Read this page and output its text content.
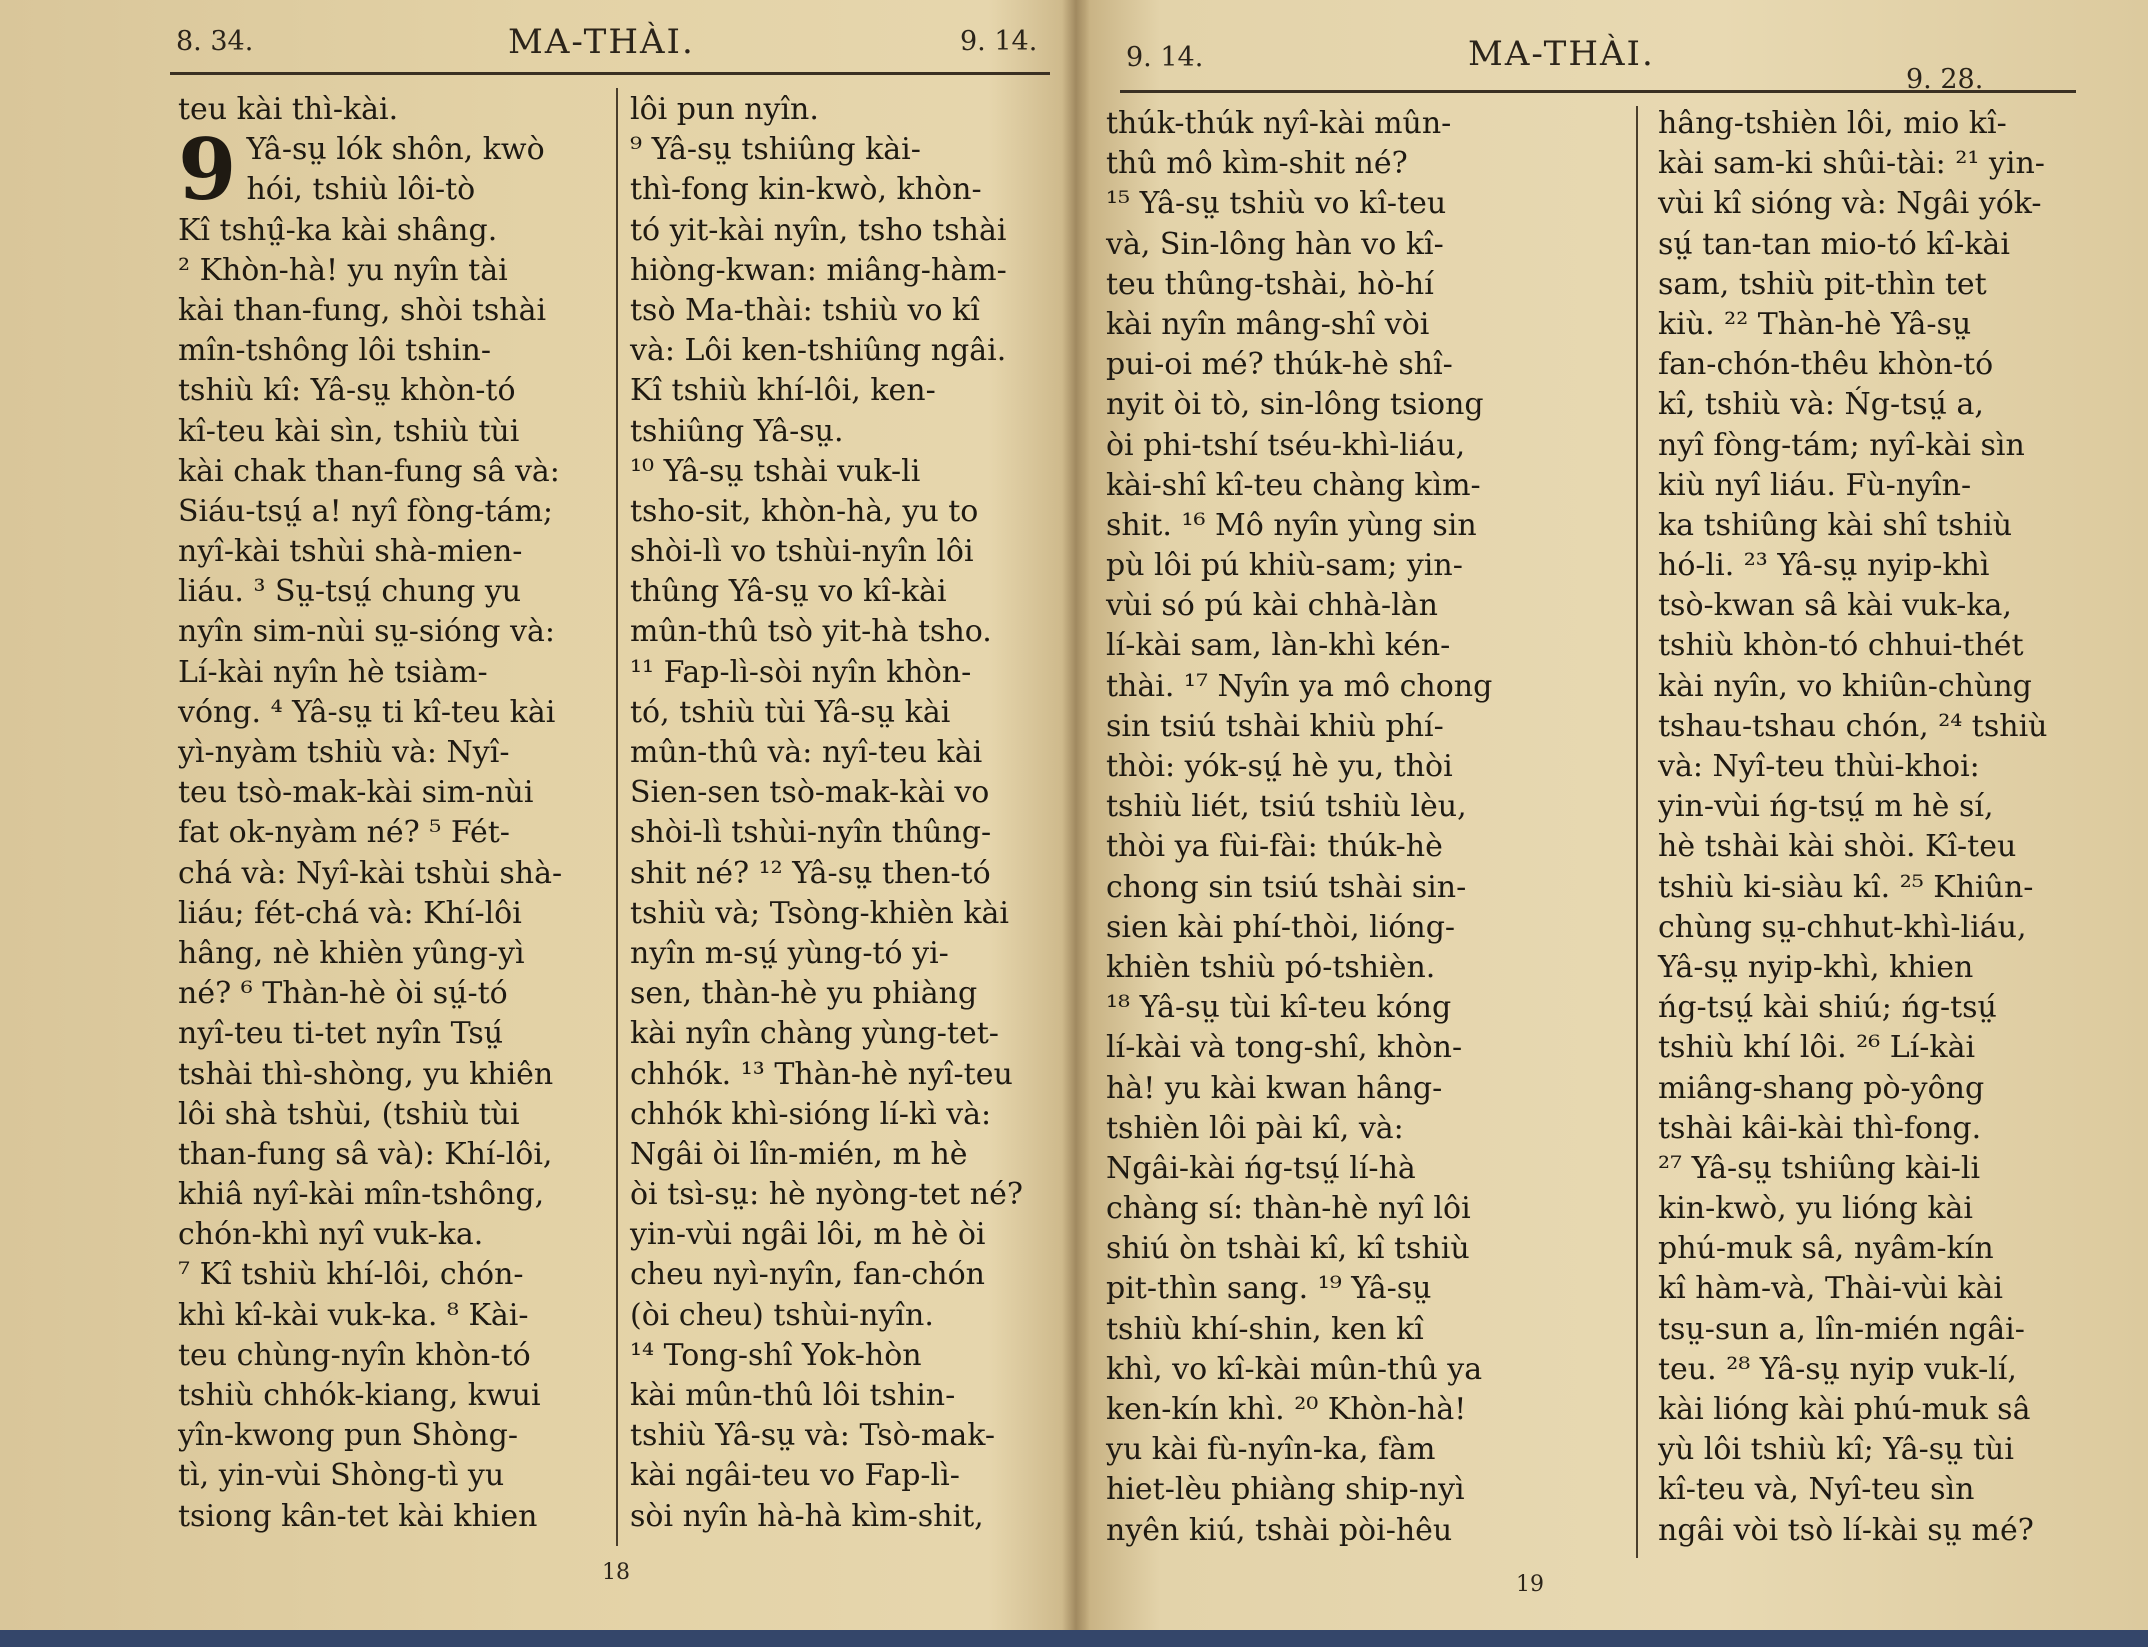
8. 34.	MA-THÀI.	9. 14.
teu kài thì-kài.
9 Yâ-sṳ lók shôn, kwò
hói, tshiù lôi-tò
Kî tshṳ̂-ka kài shâng.
² Khòn-hà! yu nyîn tài
kài than-fung, shòi tshài
mîn-tshông lôi tshin-
tshiù kî: Yâ-sṳ khòn-tó
kî-teu kài sìn, tshiù tùi
kài chak than-fung sâ và:
Siáu-tsṳ́ a! nyî fòng-tám;
nyî-kài tshùi shà-mien-
liáu. ³ Sṳ-tsṳ́ chung yu
nyîn sim-nùi sṳ-sióng và:
Lí-kài nyîn hè tsiàm-
vóng. ⁴ Yâ-sṳ ti kî-teu kài
yì-nyàm tshiù và: Nyî-
teu tsò-mak-kài sim-nùi
fat ok-nyàm né? ⁵ Fét-
chá và: Nyî-kài tshùi shà-
liáu; fét-chá và: Khí-lôi
hâng, nè khièn yûng-yì
né? ⁶ Thàn-hè òi sṳ́-tó
nyî-teu ti-tet nyîn Tsṳ́
tshài thì-shòng, yu khiên
lôi shà tshùi, (tshiù tùi
than-fung sâ và): Khí-lôi,
khiâ nyî-kài mîn-tshông,
chón-khì nyî vuk-ka.
⁷ Kî tshiù khí-lôi, chón-
khì kî-kài vuk-ka. ⁸ Kài-
teu chùng-nyîn khòn-tó
tshiù chhók-kiang, kwui
yîn-kwong pun Shòng-
tì, yin-vùi Shòng-tì yu
tsiong kân-tet kài khien
lôi pun nyîn.
⁹ Yâ-sṳ tshiûng kài-
thì-fong kin-kwò, khòn-
tó yit-kài nyîn, tsho tshài
hiòng-kwan: miâng-hàm-
tsò Ma-thài: tshiù vo kî
và: Lôi ken-tshiûng ngâi.
Kî tshiù khí-lôi, ken-
tshiûng Yâ-sṳ.
¹⁰ Yâ-sṳ tshài vuk-li
tsho-sit, khòn-hà, yu to
shòi-lì vo tshùi-nyîn lôi
thûng Yâ-sṳ vo kî-kài
mûn-thû tsò yit-hà tsho.
¹¹ Fap-lì-sòi nyîn khòn-
tó, tshiù tùi Yâ-sṳ kài
mûn-thû và: nyî-teu kài
Sien-sen tsò-mak-kài vo
shòi-lì tshùi-nyîn thûng-
shit né? ¹² Yâ-sṳ then-tó
tshiù và; Tsòng-khièn kài
nyîn m-sṳ́ yùng-tó yi-
sen, thàn-hè yu phiàng
kài nyîn chàng yùng-tet-
chhók. ¹³ Thàn-hè nyî-teu
chhók khì-sióng lí-kì và:
Ngâi òi lîn-mién, m hè
òi tsì-sṳ: hè nyòng-tet né?
yin-vùi ngâi lôi, m hè òi
cheu nyì-nyîn, fan-chón
(òi cheu) tshùi-nyîn.
¹⁴ Tong-shî Yok-hòn
kài mûn-thû lôi tshin-
tshiù Yâ-sṳ và: Tsò-mak-
kài ngâi-teu vo Fap-lì-
sòi nyîn hà-hà kìm-shit,
18
9. 14.	MA-THÀI.
9. 28.
thúk-thúk nyî-kài mûn-
thû mô kìm-shit né?
¹⁵ Yâ-sṳ tshiù vo kî-teu
và, Sin-lông hàn vo kî-
teu thûng-tshài, hò-hí
kài nyîn mâng-shî vòi
pui-oi mé? thúk-hè shî-
nyit òi tò, sin-lông tsiong
òi phi-tshí tséu-khì-liáu,
kài-shî kî-teu chàng kìm-
shit. ¹⁶ Mô nyîn yùng sin
pù lôi pú khiù-sam; yin-
vùi só pú kài chhà-làn
lí-kài sam, làn-khì kén-
thài. ¹⁷ Nyîn ya mô chong
sin tsiú tshài khiù phí-
thòi: yók-sṳ́ hè yu, thòi
tshiù liét, tsiú tshiù lèu,
thòi ya fùi-fài: thúk-hè
chong sin tsiú tshài sin-
sien kài phí-thòi, lióng-
khièn tshiù pó-tshièn.
¹⁸ Yâ-sṳ tùi kî-teu kóng
lí-kài và tong-shî, khòn-
hà! yu kài kwan hâng-
tshièn lôi pài kî, và:
Ngâi-kài ńg-tsṳ́ lí-hà
chàng sí: thàn-hè nyî lôi
shiú òn tshài kî, kî tshiù
pit-thìn sang. ¹⁹ Yâ-sṳ
tshiù khí-shin, ken kî
khì, vo kî-kài mûn-thû ya
ken-kín khì. ²⁰ Khòn-hà!
yu kài fù-nyîn-ka, fàm
hiet-lèu phiàng ship-nyì
nyên kiú, tshài pòi-hêu
hâng-tshièn lôi, mio kî-
kài sam-ki shûi-tài: ²¹ yin-
vùi kî sióng và: Ngâi yók-
sṳ́ tan-tan mio-tó kî-kài
sam, tshiù pit-thìn tet
kiù. ²² Thàn-hè Yâ-sṳ
fan-chón-thêu khòn-tó
kî, tshiù và: Ńg-tsṳ́ a,
nyî fòng-tám; nyî-kài sìn
kiù nyî liáu. Fù-nyîn-
ka tshiûng kài shî tshiù
hó-li. ²³ Yâ-sṳ nyip-khì
tsò-kwan sâ kài vuk-ka,
tshiù khòn-tó chhui-thét
kài nyîn, vo khiûn-chùng
tshau-tshau chón, ²⁴ tshiù
và: Nyî-teu thùi-khoi:
yin-vùi ńg-tsṳ́ m hè sí,
hè tshài kài shòi. Kî-teu
tshiù ki-siàu kî. ²⁵ Khiûn-
chùng sṳ-chhut-khì-liáu,
Yâ-sṳ nyip-khì, khien
ńg-tsṳ́ kài shiú; ńg-tsṳ́
tshiù khí lôi. ²⁶ Lí-kài
miâng-shang pò-yông
tshài kâi-kài thì-fong.
²⁷ Yâ-sṳ tshiûng kài-li
kin-kwò, yu lióng kài
phú-muk sâ, nyâm-kín
kî hàm-và, Thài-vùi kài
tsṳ-sun a, lîn-mién ngâi-
teu. ²⁸ Yâ-sṳ nyip vuk-lí,
kài lióng kài phú-muk sâ
yù lôi tshiù kî; Yâ-sṳ tùi
kî-teu và, Nyî-teu sìn
ngâi vòi tsò lí-kài sṳ mé?
19
